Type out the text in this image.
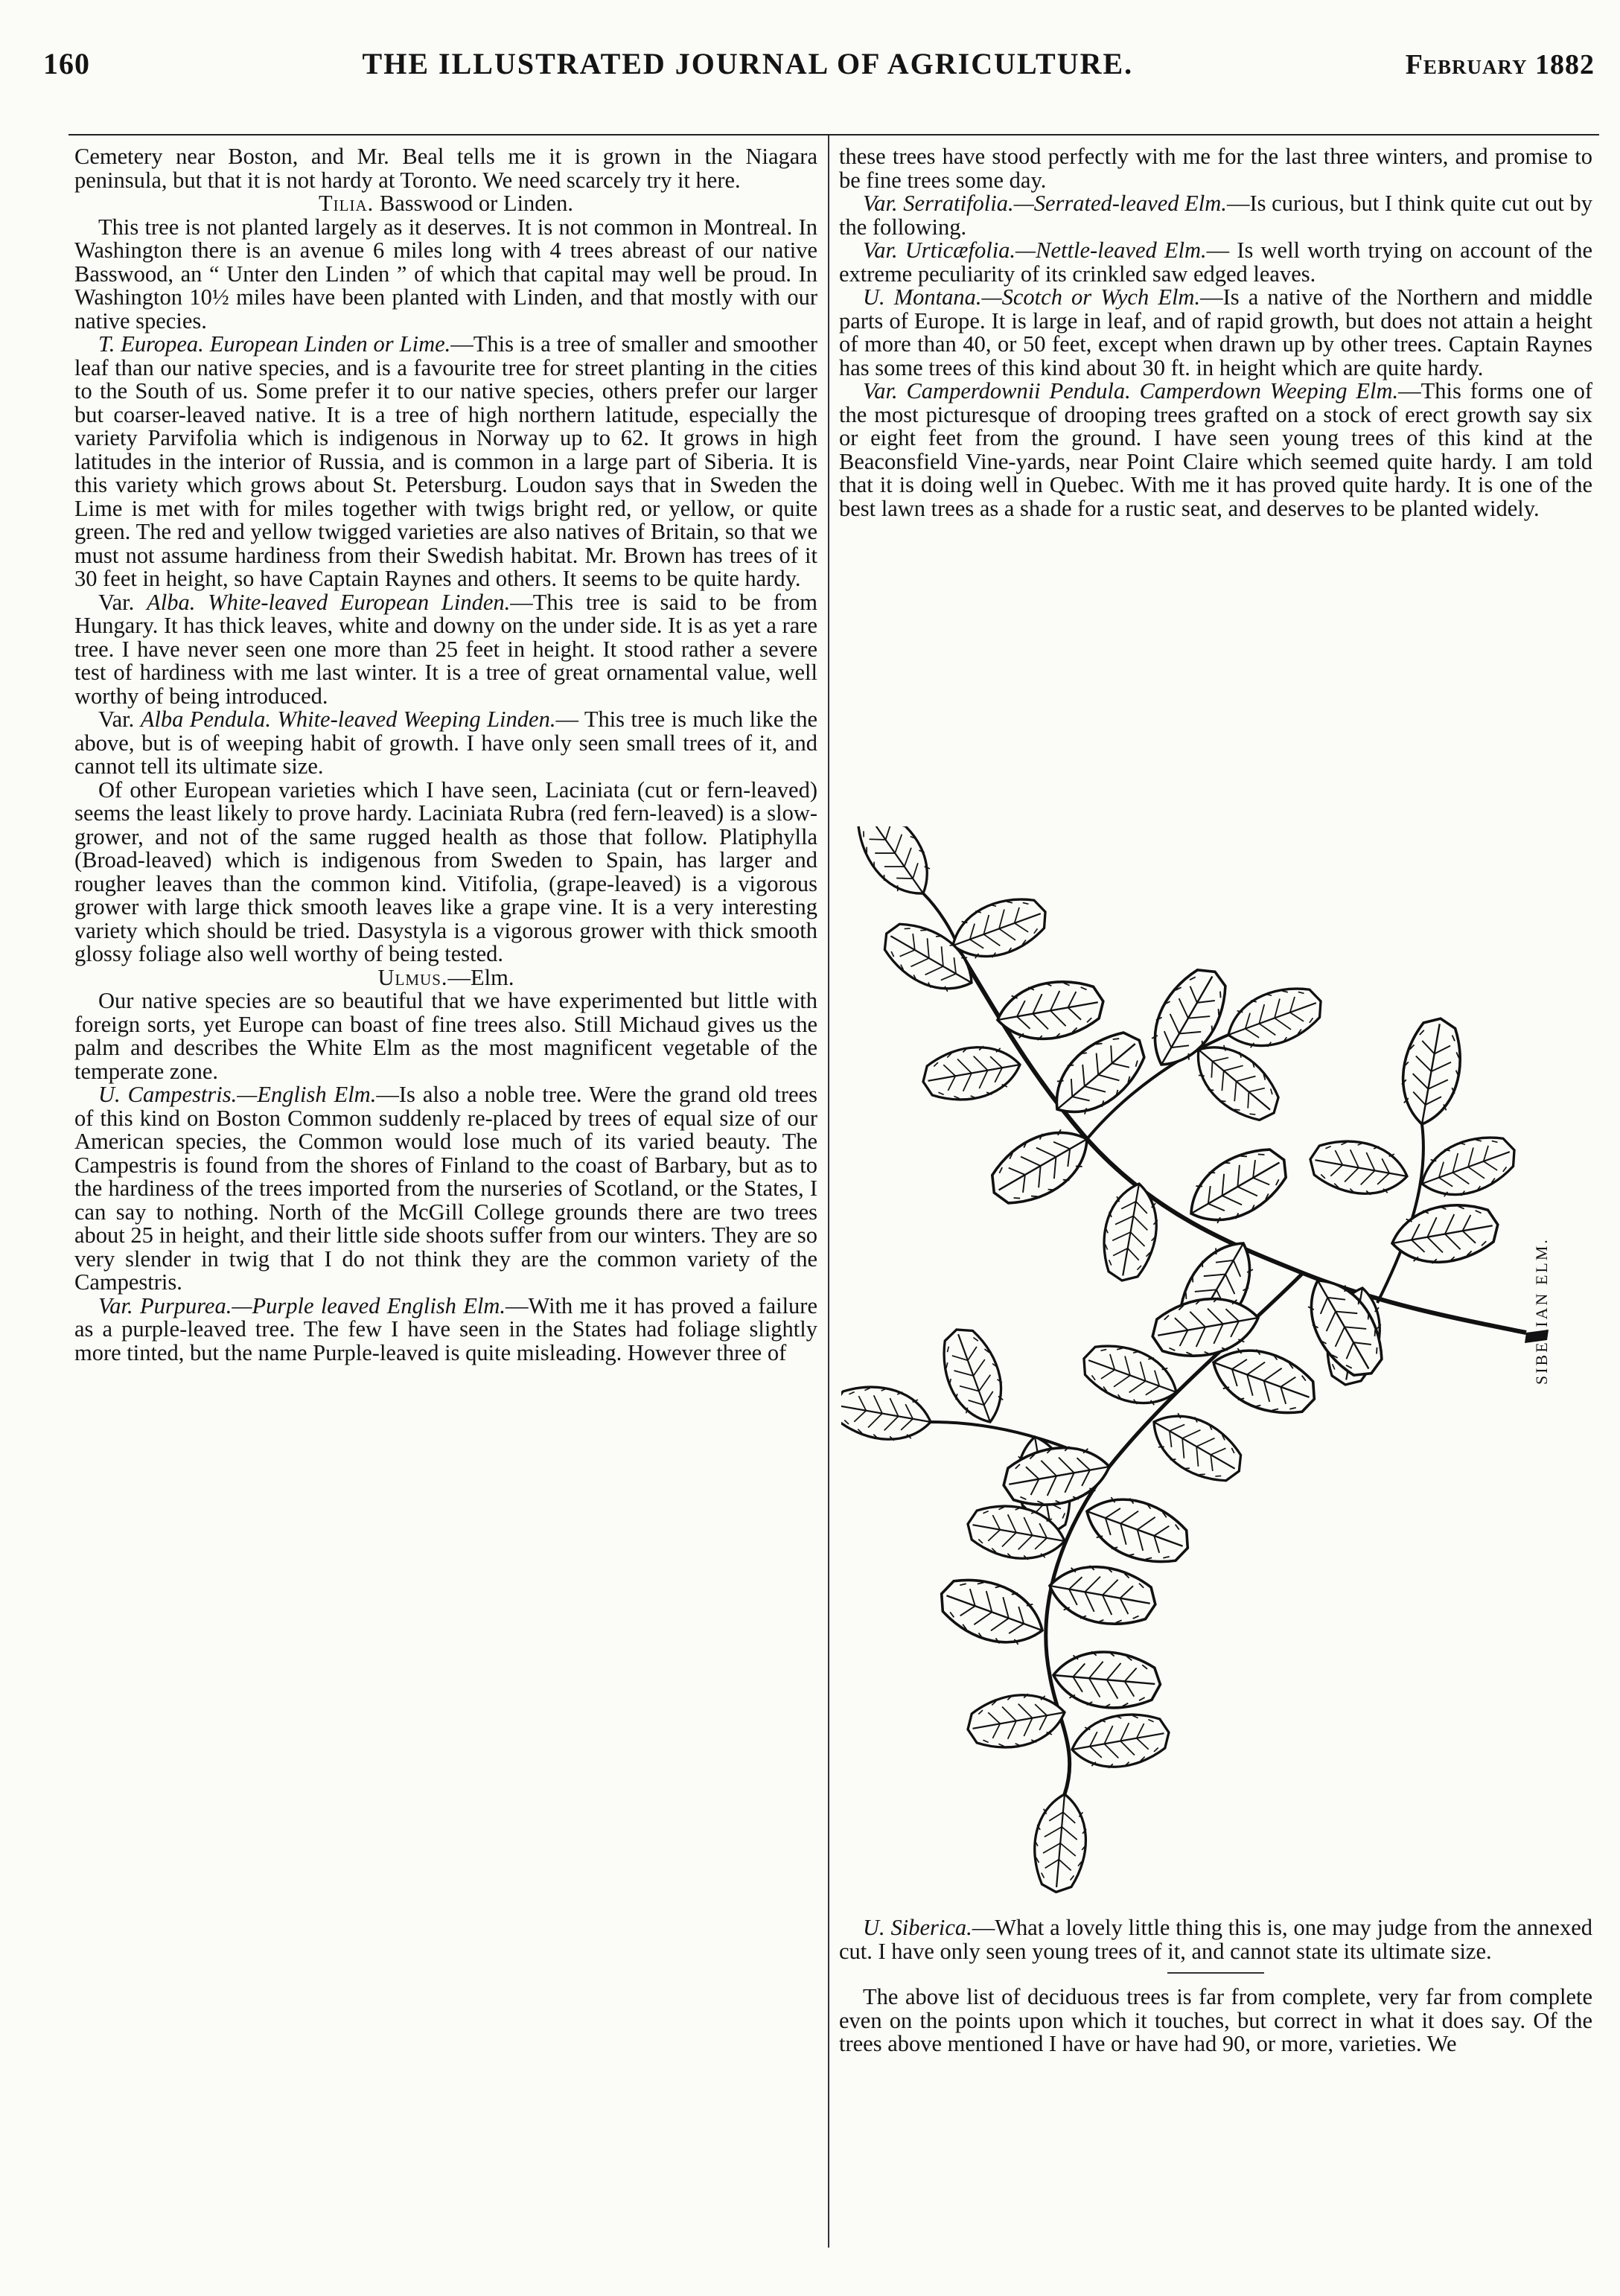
160	THE ILLUSTRATED JOURNAL OF AGRICULTURE.	February 1882

Cemetery near Boston, and Mr. Beal tells me it is grown in the Niagara peninsula, but that it is not hardy at Toronto. We need scarcely try it here.

Tilia. Basswood or Linden.

This tree is not planted largely as it deserves. It is not common in Montreal. In Washington there is an avenue 6 miles long with 4 trees abreast of our native Basswood, an “ Unter den Linden ” of which that capital may well be proud. In Washington 10½ miles have been planted with Linden, and that mostly with our native species.

T. Europea. European Linden or Lime.—This is a tree of smaller and smoother leaf than our native species, and is a favourite tree for street planting in the cities to the South of us. Some prefer it to our native species, others prefer our larger but coarser-leaved native. It is a tree of high northern latitude, especially the variety Parvifolia which is indigenous in Norway up to 62. It grows in high latitudes in the interior of Russia, and is common in a large part of Siberia. It is this variety which grows about St. Petersburg. Loudon says that in Sweden the Lime is met with for miles together with twigs bright red, or yellow, or quite green. The red and yellow twigged varieties are also natives of Britain, so that we must not assume hardiness from their Swedish habitat. Mr. Brown has trees of it 30 feet in height, so have Captain Raynes and others. It seems to be quite hardy.

Var. Alba. White-leaved European Linden.—This tree is said to be from Hungary. It has thick leaves, white and downy on the under side. It is as yet a rare tree. I have never seen one more than 25 feet in height. It stood rather a severe test of hardiness with me last winter. It is a tree of great ornamental value, well worthy of being introduced.

Var. Alba Pendula. White-leaved Weeping Linden.— This tree is much like the above, but is of weeping habit of growth. I have only seen small trees of it, and cannot tell its ultimate size.

Of other European varieties which I have seen, Laciniata (cut or fern-leaved) seems the least likely to prove hardy. Laciniata Rubra (red fern-leaved) is a slow-grower, and not of the same rugged health as those that follow. Platiphylla (Broad-leaved) which is indigenous from Sweden to Spain, has larger and rougher leaves than the common kind. Vitifolia, (grape-leaved) is a vigorous grower with large thick smooth leaves like a grape vine. It is a very interesting variety which should be tried. Dasystyla is a vigorous grower with thick smooth glossy foliage also well worthy of being tested.

Ulmus.—Elm.

Our native species are so beautiful that we have experimented but little with foreign sorts, yet Europe can boast of fine trees also. Still Michaud gives us the palm and describes the White Elm as the most magnificent vegetable of the temperate zone.

U. Campestris.—English Elm.—Is also a noble tree. Were the grand old trees of this kind on Boston Common suddenly re-placed by trees of equal size of our American species, the Common would lose much of its varied beauty. The Campestris is found from the shores of Finland to the coast of Barbary, but as to the hardiness of the trees imported from the nurseries of Scotland, or the States, I can say to nothing. North of the McGill College grounds there are two trees about 25 in height, and their little side shoots suffer from our winters. They are so very slender in twig that I do not think they are the common variety of the Campestris.

Var. Purpurea.—Purple leaved English Elm.—With me it has proved a failure as a purple-leaved tree. The few I have seen in the States had foliage slightly more tinted, but the name Purple-leaved is quite misleading. However three of

these trees have stood perfectly with me for the last three winters, and promise to be fine trees some day.

Var. Serratifolia.—Serrated-leaved Elm.—Is curious, but I think quite cut out by the following.

Var. Urticæfolia.—Nettle-leaved Elm.— Is well worth trying on account of the extreme peculiarity of its crinkled saw edged leaves.

U. Montana.—Scotch or Wych Elm.—Is a native of the Northern and middle parts of Europe. It is large in leaf, and of rapid growth, but does not attain a height of more than 40, or 50 feet, except when drawn up by other trees. Captain Raynes has some trees of this kind about 30 ft. in height which are quite hardy.

Var. Camperdownii Pendula. Camperdown Weeping Elm.—This forms one of the most picturesque of drooping trees grafted on a stock of erect growth say six or eight feet from the ground. I have seen young trees of this kind at the Beaconsfield Vine-yards, near Point Claire which seemed quite hardy. I am told that it is doing well in Quebec. With me it has proved quite hardy. It is one of the best lawn trees as a shade for a rustic seat, and deserves to be planted widely.

SIBERIAN ELM.

U. Siberica.—What a lovely little thing this is, one may judge from the annexed cut. I have only seen young trees of it, and cannot state its ultimate size.

The above list of deciduous trees is far from complete, very far from complete even on the points upon which it touches, but correct in what it does say. Of the trees above mentioned I have or have had 90, or more, varieties. We
